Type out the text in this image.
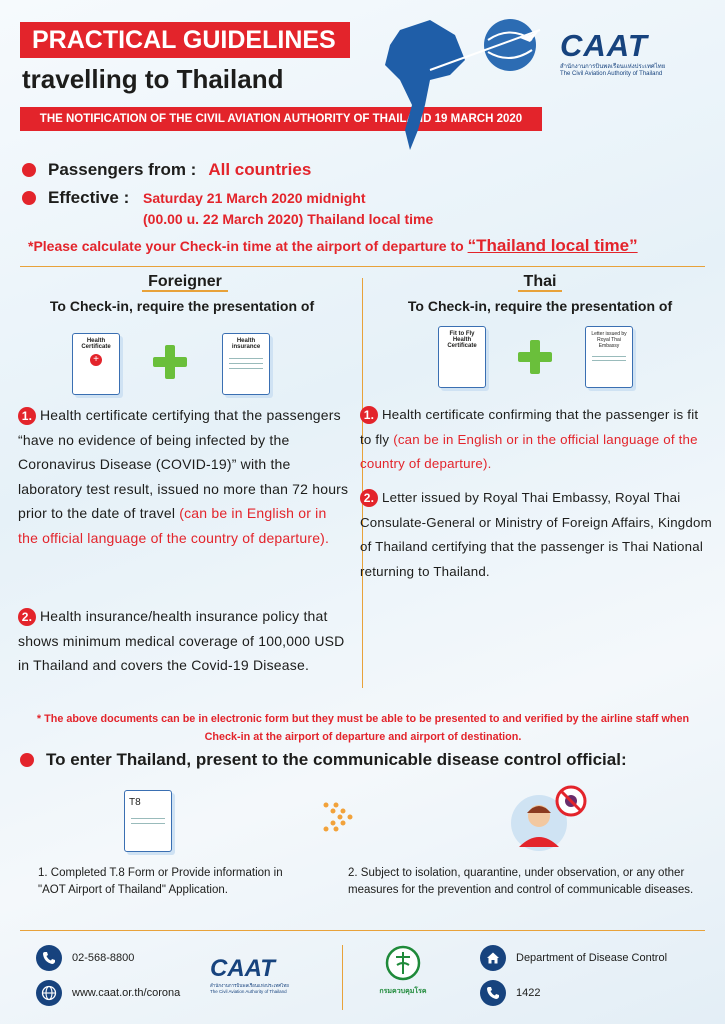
PRACTICAL GUIDELINES
travelling to Thailand
THE NOTIFICATION OF THE CIVIL AVIATION AUTHORITY OF THAILAND 19 MARCH 2020
CAAT
สำนักงานการบินพลเรือนแห่งประเทศไทย
The Civil Aviation Authority of Thailand
Passengers from : All countries
Effective : Saturday 21 March 2020 midnight
(00.00 u. 22 March 2020) Thailand local time
*Please calculate your Check-in time at the airport of departure to “Thailand local time”
Foreigner
To Check-in, require the presentation of
Health Certificate
+
Health insurance
1. Health certificate certifying that the passengers “have no evidence of being infected by the Coronavirus Disease (COVID-19)” with the laboratory test result, issued no more than 72 hours prior to the date of travel (can be in English or in the official language of the country of departure).
2. Health insurance/health insurance policy that shows minimum medical coverage of 100,000 USD in Thailand and covers the Covid-19 Disease.
Thai
To Check-in, require the presentation of
Fit to Fly Health Certificate
Letter issued by Royal Thai Embassy
1. Health certificate confirming that the passenger is fit to fly (can be in English or in the official language of the country of departure).
2. Letter issued by Royal Thai Embassy, Royal Thai Consulate-General or Ministry of Foreign Affairs, Kingdom of Thailand certifying that the passenger is Thai National returning to Thailand.
* The above documents can be in electronic form but they must be able to be presented to and verified by the airline staff when Check-in at the airport of departure and airport of destination.
To enter Thailand, present to the communicable disease control official:
T8
1. Completed T.8 Form or Provide information in "AOT Airport of Thailand" Application.
2. Subject to isolation, quarantine, under observation, or any other measures for the prevention and control of communicable diseases.
02-568-8800
www.caat.or.th/corona
CAAT
สำนักงานการบินพลเรือนแห่งประเทศไทย
The Civil Aviation Authority of Thailand	กรมควบคุมโรค
Department of Disease Control
1422
